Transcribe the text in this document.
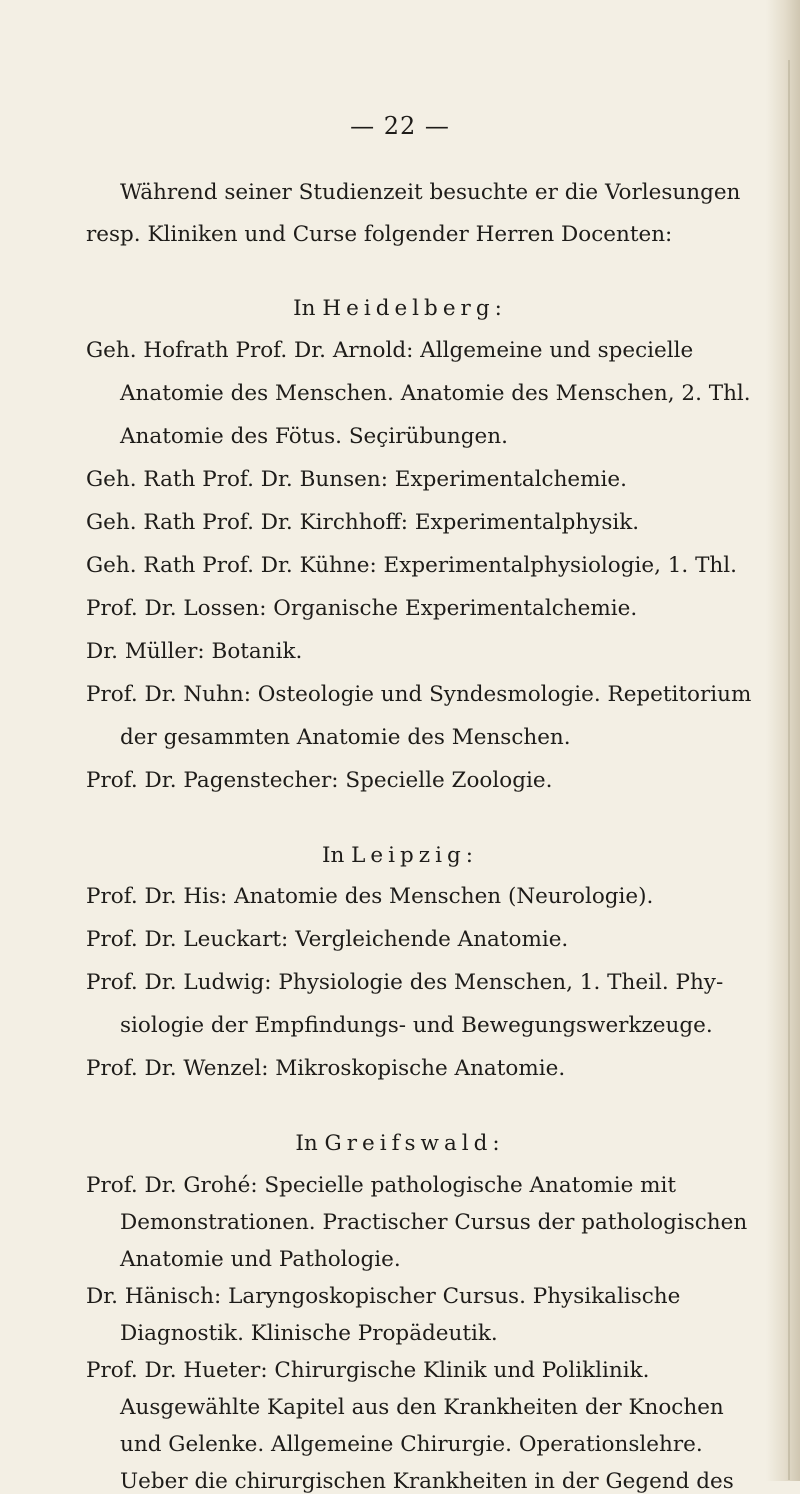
— 22 —
Während seiner Studienzeit besuchte er die Vorlesungen
resp. Kliniken und Curse folgender Herren Docenten:
In Heidelberg:
Geh. Hofrath Prof. Dr. Arnold: Allgemeine und specielle
Anatomie des Menschen. Anatomie des Menschen, 2. Thl.
Anatomie des Fötus. Seçirübungen.
Geh. Rath Prof. Dr. Bunsen: Experimentalchemie.
Geh. Rath Prof. Dr. Kirchhoff: Experimentalphysik.
Geh. Rath Prof. Dr. Kühne: Experimentalphysiologie, 1. Thl.
Prof. Dr. Lossen: Organische Experimentalchemie.
Dr. Müller: Botanik.
Prof. Dr. Nuhn: Osteologie und Syndesmologie. Repetitorium
der gesammten Anatomie des Menschen.
Prof. Dr. Pagenstecher: Specielle Zoologie.
In Leipzig:
Prof. Dr. His: Anatomie des Menschen (Neurologie).
Prof. Dr. Leuckart: Vergleichende Anatomie.
Prof. Dr. Ludwig: Physiologie des Menschen, 1. Theil. Phy-
siologie der Empfindungs- und Bewegungswerkzeuge.
Prof. Dr. Wenzel: Mikroskopische Anatomie.
In Greifswald:
Prof. Dr. Grohé: Specielle pathologische Anatomie mit
Demonstrationen. Practischer Cursus der pathologischen
Anatomie und Pathologie.
Dr. Hänisch: Laryngoskopischer Cursus. Physikalische
Diagnostik. Klinische Propädeutik.
Prof. Dr. Hueter: Chirurgische Klinik und Poliklinik.
Ausgewählte Kapitel aus den Krankheiten der Knochen
und Gelenke. Allgemeine Chirurgie. Operationslehre.
Ueber die chirurgischen Krankheiten in der Gegend des
